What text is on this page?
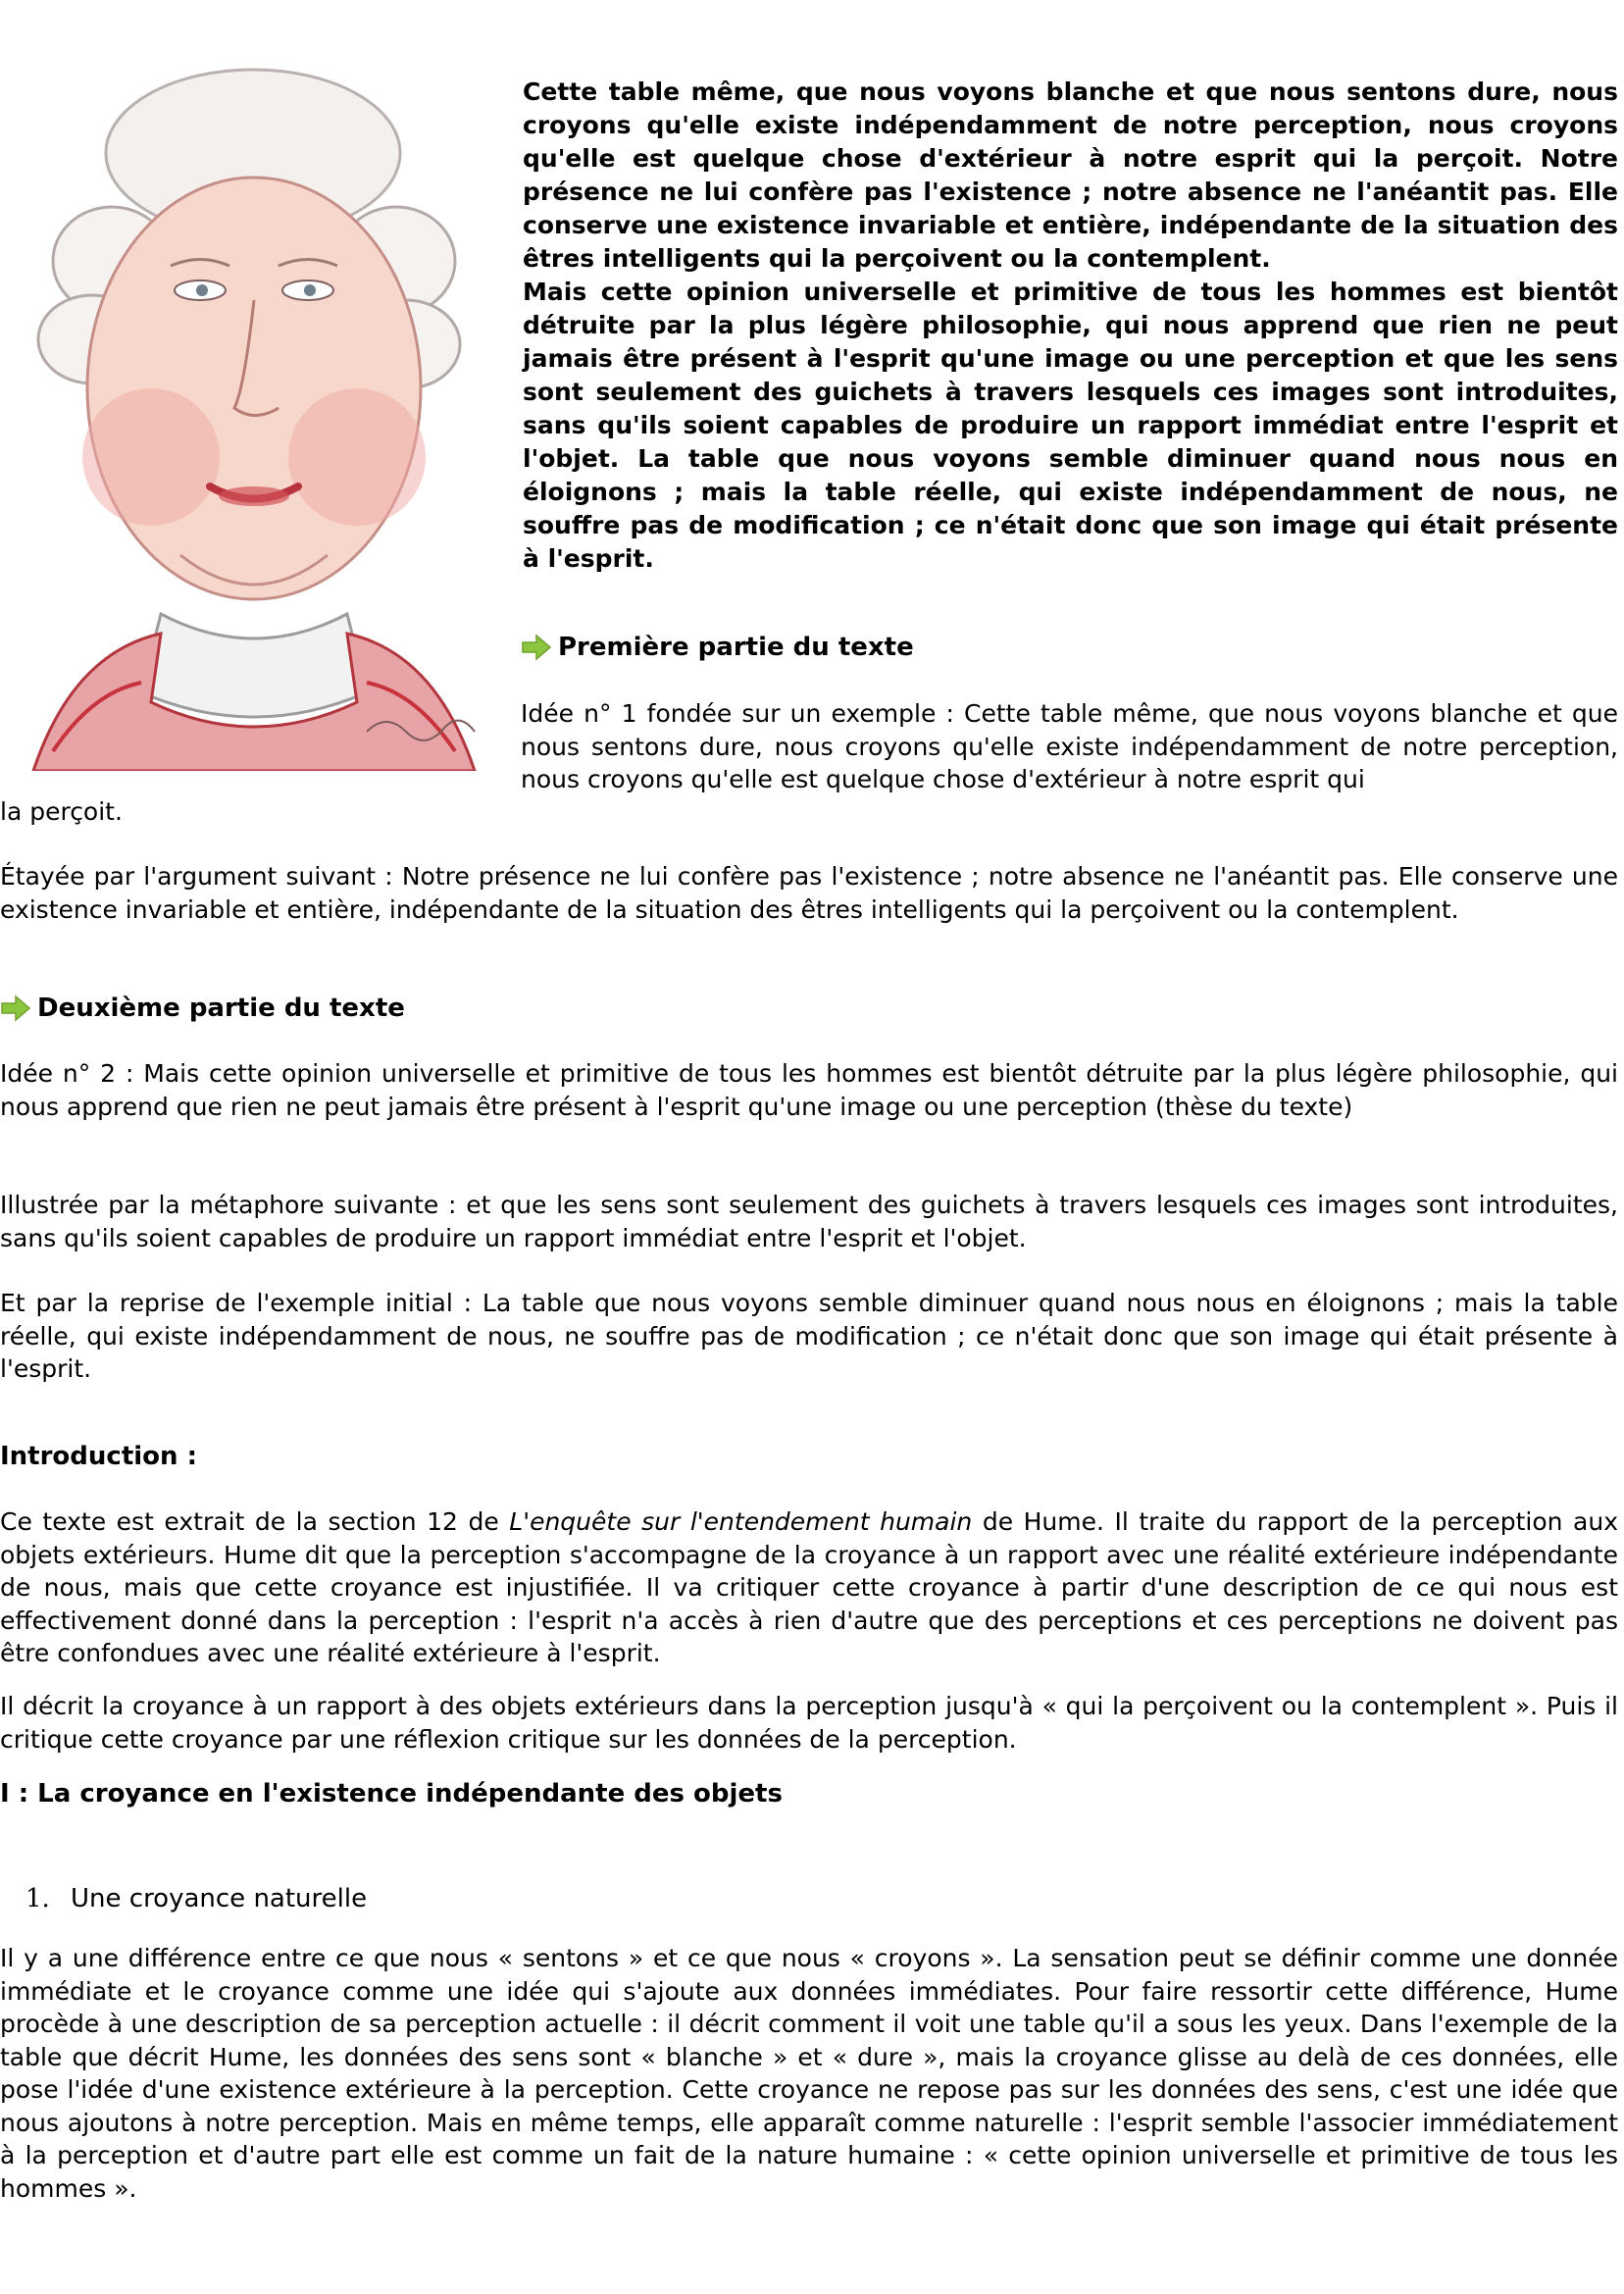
Cette table même, que nous voyons blanche et que nous sentons dure, nous croyons qu'elle existe indépendamment de notre perception, nous croyons qu'elle est quelque chose d'extérieur à notre esprit qui la perçoit. Notre présence ne lui confère pas l'existence ; notre absence ne l'anéantit pas. Elle conserve une existence invariable et entière, indépendante de la situation des êtres intelligents qui la perçoivent ou la contemplent.

Mais cette opinion universelle et primitive de tous les hommes est bientôt détruite par la plus légère philosophie, qui nous apprend que rien ne peut jamais être présent à l'esprit qu'une image ou une perception et que les sens sont seulement des guichets à travers lesquels ces images sont introduites, sans qu'ils soient capables de produire un rapport immédiat entre l'esprit et l'objet. La table que nous voyons semble diminuer quand nous nous en éloignons ; mais la table réelle, qui existe indépendamment de nous, ne souffre pas de modification ; ce n'était donc que son image qui était présente à l'esprit.

Première partie du texte

Idée n° 1 fondée sur un exemple : Cette table même, que nous voyons blanche et que nous sentons dure, nous croyons qu'elle existe indépendamment de notre perception, nous croyons qu'elle est quelque chose d'extérieur à notre esprit qui

la perçoit.

Étayée par l'argument suivant : Notre présence ne lui confère pas l'existence ; notre absence ne l'anéantit pas. Elle conserve une existence invariable et entière, indépendante de la situation des êtres intelligents qui la perçoivent ou la contemplent.

Deuxième partie du texte

Idée n° 2 : Mais cette opinion universelle et primitive de tous les hommes est bientôt détruite par la plus légère philosophie, qui nous apprend que rien ne peut jamais être présent à l'esprit qu'une image ou une perception (thèse du texte)

Illustrée par la métaphore suivante : et que les sens sont seulement des guichets à travers lesquels ces images sont introduites, sans qu'ils soient capables de produire un rapport immédiat entre l'esprit et l'objet.

Et par la reprise de l'exemple initial : La table que nous voyons semble diminuer quand nous nous en éloignons ; mais la table réelle, qui existe indépendamment de nous, ne souffre pas de modification ; ce n'était donc que son image qui était présente à l'esprit.

Introduction :

Ce texte est extrait de la section 12 de L'enquête sur l'entendement humain de Hume. Il traite du rapport de la perception aux objets extérieurs. Hume dit que la perception s'accompagne de la croyance à un rapport avec une réalité extérieure indépendante de nous, mais que cette croyance est injustifiée. Il va critiquer cette croyance à partir d'une description de ce qui nous est effectivement donné dans la perception : l'esprit n'a accès à rien d'autre que des perceptions et ces perceptions ne doivent pas être confondues avec une réalité extérieure à l'esprit.

Il décrit la croyance à un rapport à des objets extérieurs dans la perception jusqu'à « qui la perçoivent ou la contemplent ». Puis il critique cette croyance par une réflexion critique sur les données de la perception.

I : La croyance en l'existence indépendante des objets

1. Une croyance naturelle

Il y a une différence entre ce que nous « sentons » et ce que nous « croyons ». La sensation peut se définir comme une donnée immédiate et le croyance comme une idée qui s'ajoute aux données immédiates. Pour faire ressortir cette différence, Hume procède à une description de sa perception actuelle : il décrit comment il voit une table qu'il a sous les yeux. Dans l'exemple de la table que décrit Hume, les données des sens sont « blanche » et « dure », mais la croyance glisse au delà de ces données, elle pose l'idée d'une existence extérieure à la perception. Cette croyance ne repose pas sur les données des sens, c'est une idée que nous ajoutons à notre perception. Mais en même temps, elle apparaît comme naturelle : l'esprit semble l'associer immédiatement à la perception et d'autre part elle est comme un fait de la nature humaine : « cette opinion universelle et primitive de tous les hommes ».
